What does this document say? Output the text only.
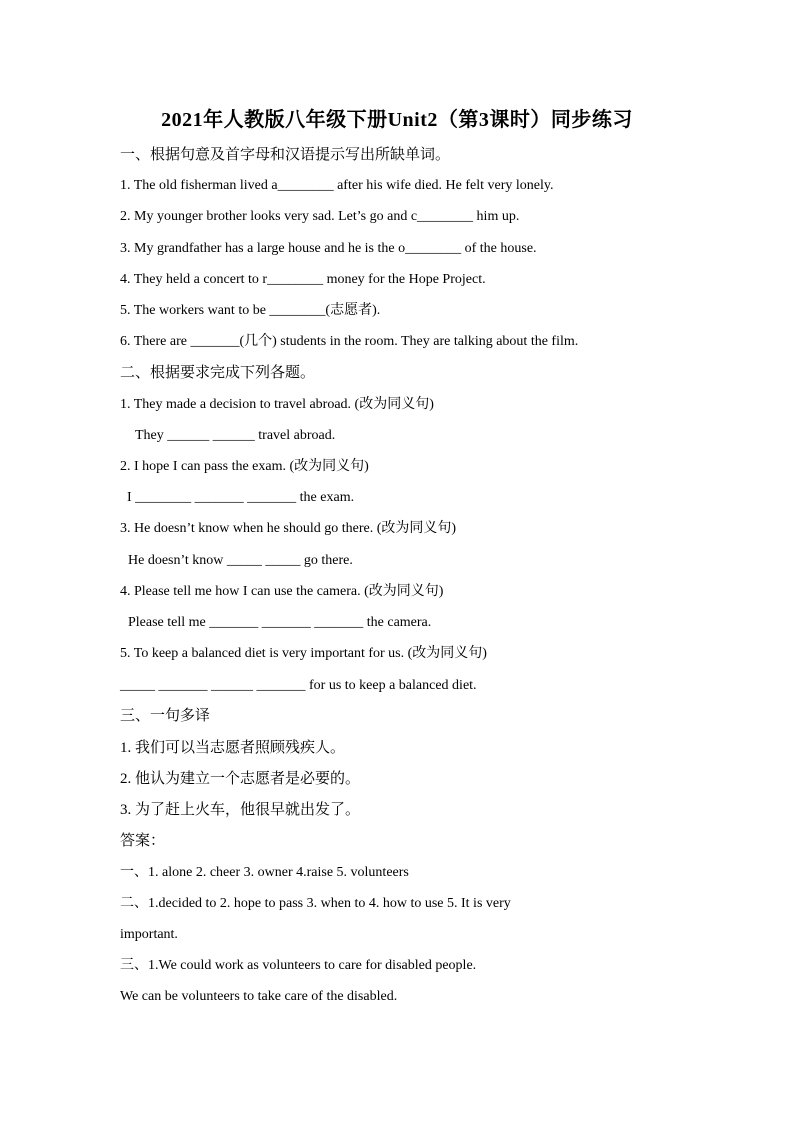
2021年人教版八年级下册Unit2（第3课时）同步练习
一、根据句意及首字母和汉语提示写出所缺单词。
1. The old fisherman lived a________ after his wife died. He felt very lonely.
2. My younger brother looks very sad. Let’s go and c________ him up.
3. My grandfather has a large house and he is the o________ of the house.
4. They held a concert to r________ money for the Hope Project.
5. The workers want to be ________(志愿者).
6. There are _______(几个) students in the room. They are talking about the film.
二、根据要求完成下列各题。
1. They made a decision to travel abroad. (改为同义句)
They ______ ______ travel abroad.
2. I hope I can pass the exam. (改为同义句)
I ________ _______ _______ the exam.
3. He doesn’t know when he should go there. (改为同义句)
He doesn’t know _____ _____ go there.
4. Please tell me how I can use the camera. (改为同义句)
Please tell me _______ _______ _______ the camera.
5. To keep a balanced diet is very important for us. (改为同义句)
_____ _______ ______ _______ for us to keep a balanced diet.
三、一句多译
1. 我们可以当志愿者照顾残疾人。
2. 他认为建立一个志愿者是必要的。
3. 为了赶上火车，他很早就出发了。
答案：
一、1. alone 2. cheer 3. owner 4.raise 5. volunteers
二、1.decided to 2. hope to pass 3. when to 4. how to use 5. It is very
important.
三、1.We could work as volunteers to care for disabled people.
We can be volunteers to take care of the disabled.
